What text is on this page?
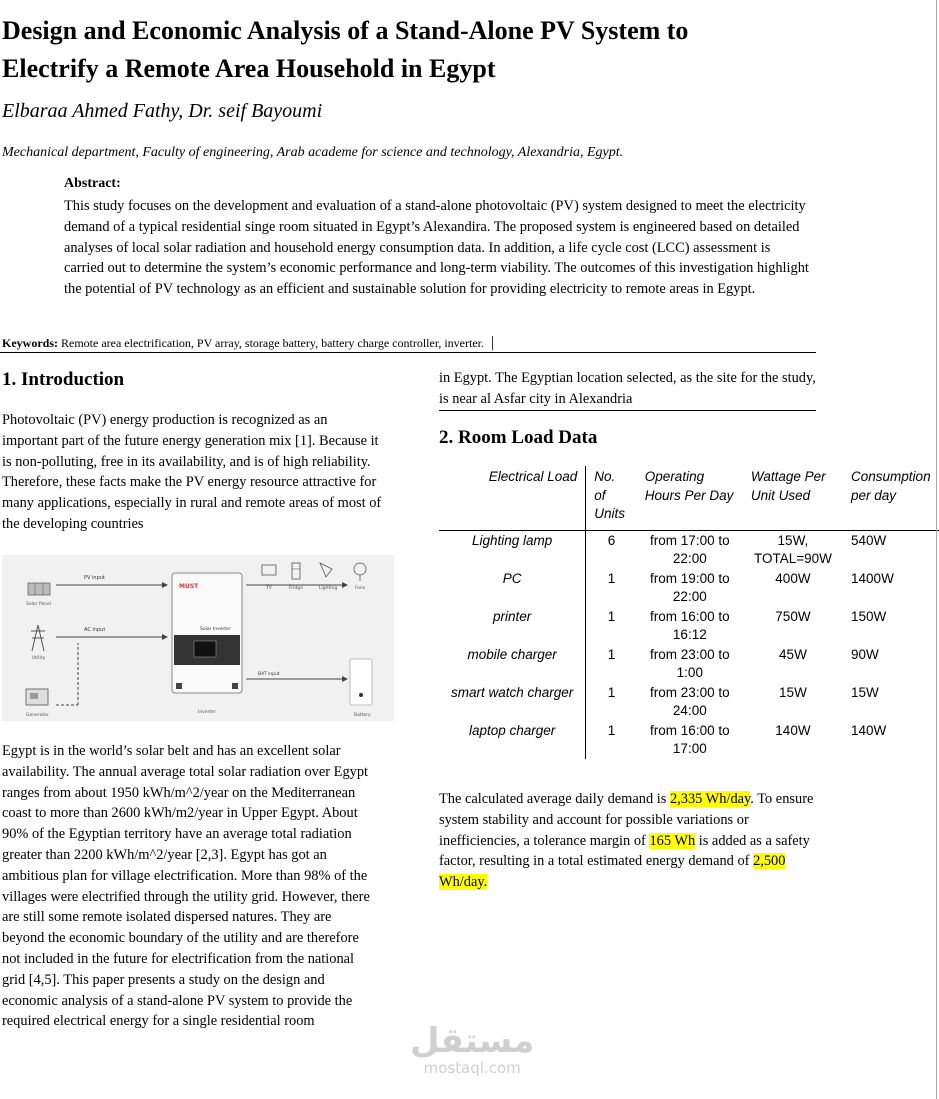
Design and Economic Analysis of a Stand-Alone PV System to
Electrify a Remote Area Household in Egypt
Elbaraa Ahmed Fathy, Dr. seif Bayoumi
Mechanical department, Faculty of engineering, Arab academe for science and technology, Alexandria, Egypt.
Abstract:
This study focuses on the development and evaluation of a stand-alone photovoltaic (PV) system designed to meet the electricity demand of a typical residential singe room situated in Egypt’s Alexandira. The proposed system is engineered based on detailed analyses of local solar radiation and household energy consumption data. In addition, a life cycle cost (LCC) assessment is carried out to determine the system’s economic performance and long-term viability. The outcomes of this investigation highlight the potential of PV technology as an efficient and sustainable solution for providing electricity to remote areas in Egypt.
Keywords: Remote area electrification, PV array, storage battery, battery charge controller, inverter.  |
1. Introduction
Photovoltaic (PV) energy production is recognized as an important part of the future energy generation mix [1]. Because it is non-polluting, free in its availability, and is of high reliability. Therefore, these facts make the PV energy resource attractive for many applications, especially in rural and remote areas of most of the developing countries
Solar Panel
Utility
Generator
PV input
AC input
MUST
Solar Inverter
Inverter
TV	Fridge	Lighting	Fans
BAT input
Battery
Egypt is in the world’s solar belt and has an excellent solar availability. The annual average total solar radiation over Egypt ranges from about 1950 kWh/m^2/year on the Mediterranean coast to more than 2600 kWh/m2/year in Upper Egypt. About 90% of the Egyptian territory have an average total radiation greater than 2200 kWh/m^2/year [2,3]. Egypt has got an ambitious plan for village electrification. More than 98% of the villages were electrified through the utility grid. However, there are still some remote isolated dispersed natures. They are beyond the economic boundary of the utility and are therefore not included in the future for electrification from the national grid [4,5]. This paper presents a study on the design and economic analysis of a stand-alone PV system to provide the required electrical energy for a single residential room
in Egypt. The Egyptian location selected, as the site for the study, is near al Asfar city in Alexandria
2. Room Load Data
Electrical Load	No. of Units	Operating Hours Per Day	Wattage Per Unit Used	Consumption per day
Lighting lamp	6	from 17:00 to 22:00	15W, TOTAL=90W	540W
PC	1	from 19:00 to 22:00	400W	1400W
printer	1	from 16:00 to 16:12	750W	150W
mobile charger	1	from 23:00 to 1:00	45W	90W
smart watch charger	1	from 23:00 to 24:00	15W	15W
laptop charger	1	from 16:00 to 17:00	140W	140W
The calculated average daily demand is 2,335 Wh/day. To ensure system stability and account for possible variations or inefficiencies, a tolerance margin of 165 Wh is added as a safety factor, resulting in a total estimated energy demand of 2,500 Wh/day.
مستقل
mostaql.com
